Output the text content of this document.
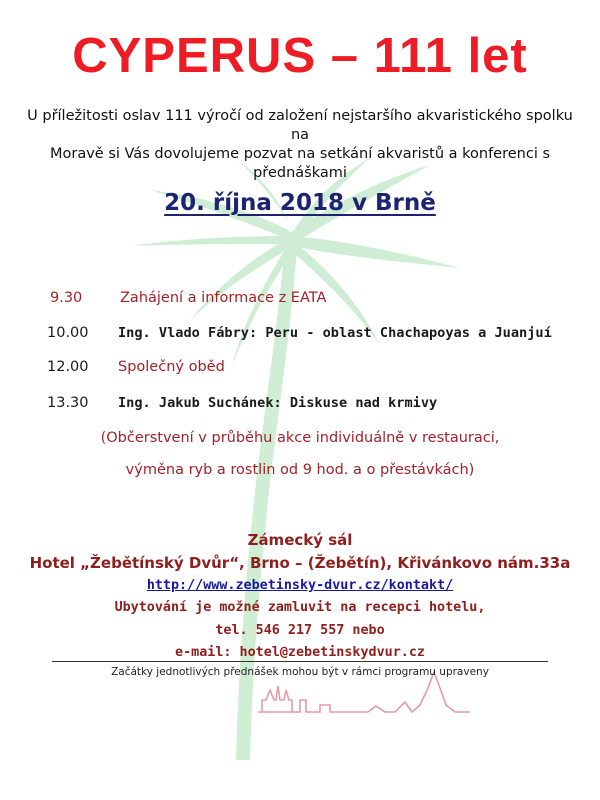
CYPERUS – 111 let
U příležitosti oslav 111 výročí od založení nejstaršího akvaristického spolku na
Moravě si Vás dovolujeme pozvat na setkání akvaristů a konferenci s
přednáškami
20. října 2018 v Brně
9.30	Zahájení a informace z EATA
10.00 Ing. Vlado Fábry: Peru - oblast Chachapoyas a Juanjuí
12.00 Společný oběd
13.30 Ing. Jakub Suchánek: Diskuse nad krmivy
(Občerstvení v průběhu akce individuálně v restauraci,
výměna ryb a rostlin od 9 hod. a o přestávkách)
Zámecký sál
Hotel „Žebětínský Dvůr“, Brno – (Žebětín), Křivánkovo nám.33a
http://www.zebetinsky-dvur.cz/kontakt/
Ubytování je možné zamluvit na recepci hotelu,
tel. 546 217 557 nebo
e-mail: hotel@zebetinskydvur.cz
Začátky jednotlivých přednášek mohou být v rámci programu upraveny
